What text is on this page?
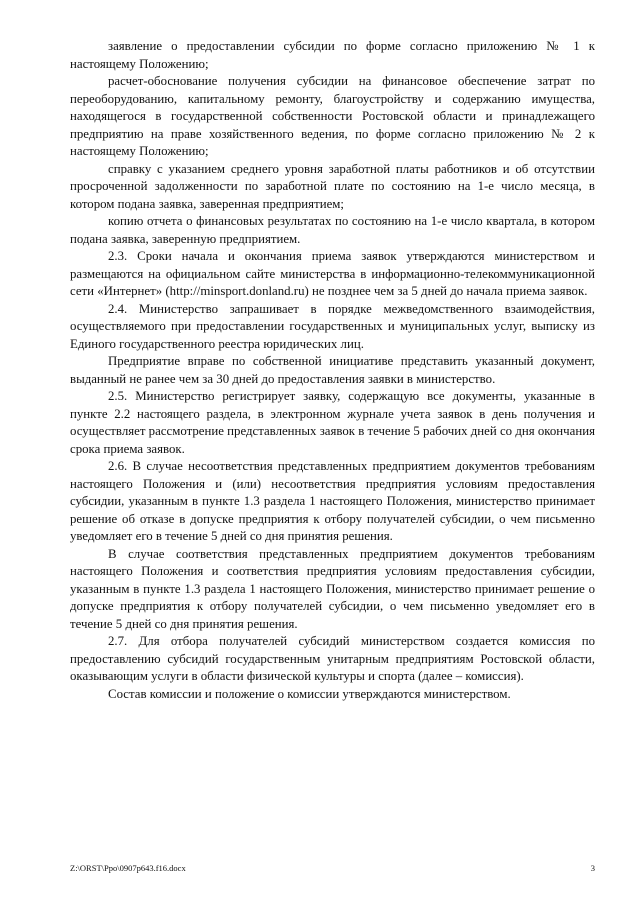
заявление о предоставлении субсидии по форме согласно приложению № 1 к настоящему Положению;

расчет-обоснование получения субсидии на финансовое обеспечение затрат по переоборудованию, капитальному ремонту, благоустройству и содержанию имущества, находящегося в государственной собственности Ростовской области и принадлежащего предприятию на праве хозяйственного ведения, по форме согласно приложению № 2 к настоящему Положению;

справку с указанием среднего уровня заработной платы работников и об отсутствии просроченной задолженности по заработной плате по состоянию на 1-е число месяца, в котором подана заявка, заверенная предприятием;

копию отчета о финансовых результатах по состоянию на 1-е число квартала, в котором подана заявка, заверенную предприятием.

2.3. Сроки начала и окончания приема заявок утверждаются министерством и размещаются на официальном сайте министерства в информационно-телекоммуникационной сети «Интернет» (http://minsport.donland.ru) не позднее чем за 5 дней до начала приема заявок.

2.4. Министерство запрашивает в порядке межведомственного взаимодействия, осуществляемого при предоставлении государственных и муниципальных услуг, выписку из Единого государственного реестра юридических лиц.

Предприятие вправе по собственной инициативе представить указанный документ, выданный не ранее чем за 30 дней до предоставления заявки в министерство.

2.5. Министерство регистрирует заявку, содержащую все документы, указанные в пункте 2.2 настоящего раздела, в электронном журнале учета заявок в день получения и осуществляет рассмотрение представленных заявок в течение 5 рабочих дней со дня окончания срока приема заявок.

2.6. В случае несоответствия представленных предприятием документов требованиям настоящего Положения и (или) несоответствия предприятия условиям предоставления субсидии, указанным в пункте 1.3 раздела 1 настоящего Положения, министерство принимает решение об отказе в допуске предприятия к отбору получателей субсидии, о чем письменно уведомляет его в течение 5 дней со дня принятия решения.

В случае соответствия представленных предприятием документов требованиям настоящего Положения и соответствия предприятия условиям предоставления субсидии, указанным в пункте 1.3 раздела 1 настоящего Положения, министерство принимает решение о допуске предприятия к отбору получателей субсидии, о чем письменно уведомляет его в течение 5 дней со дня принятия решения.

2.7. Для отбора получателей субсидий министерством создается комиссия по предоставлению субсидий государственным унитарным предприятиям Ростовской области, оказывающим услуги в области физической культуры и спорта (далее – комиссия).

Состав комиссии и положение о комиссии утверждаются министерством.

Z:\ORST\Ppo\0907p643.f16.docx	3
